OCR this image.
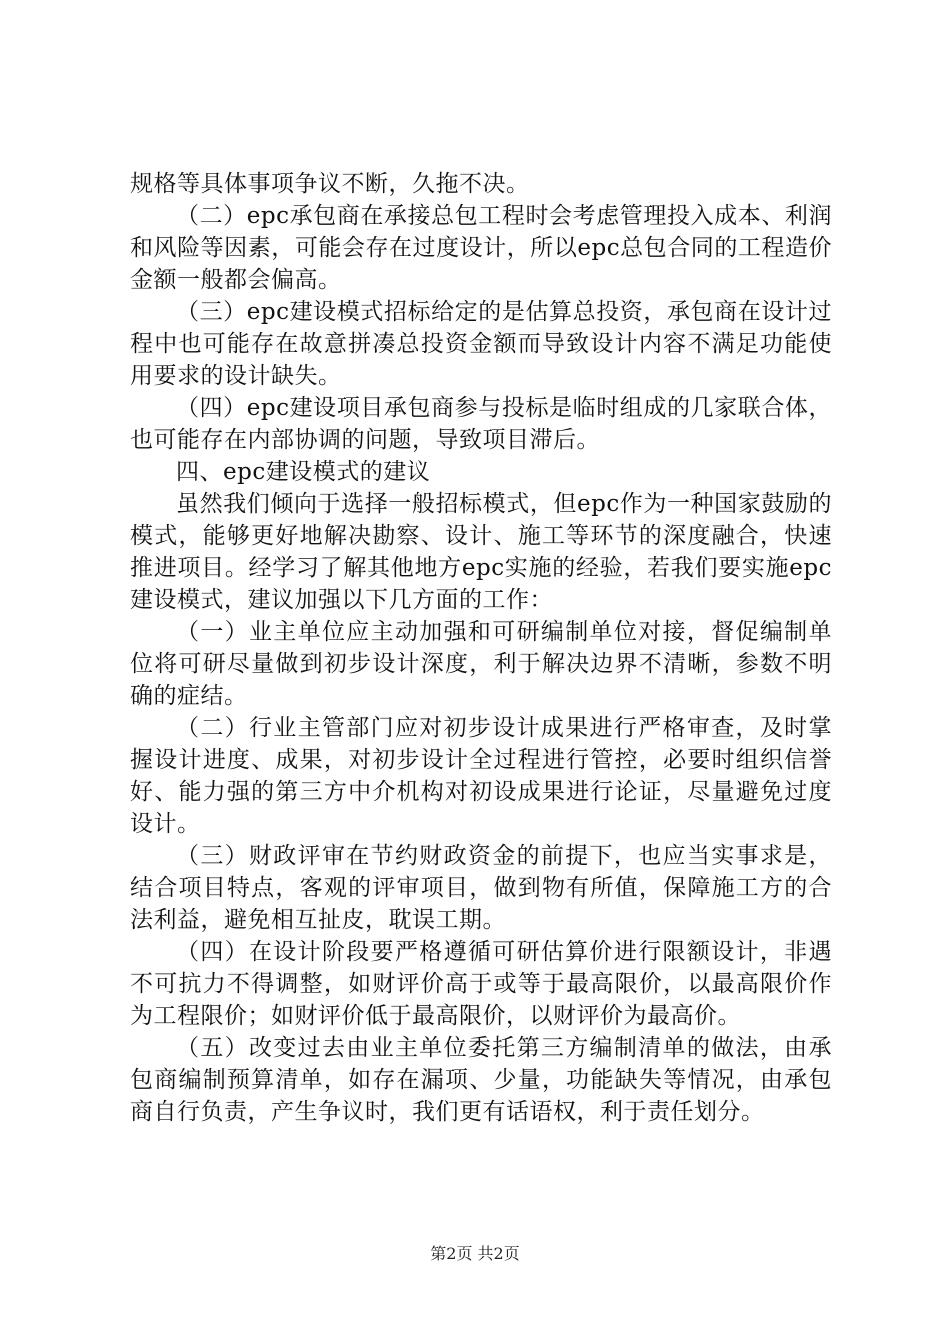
规格等具体事项争议不断，久拖不决。

（二）epc承包商在承接总包工程时会考虑管理投入成本、利润和风险等因素，可能会存在过度设计，所以epc总包合同的工程造价金额一般都会偏高。

（三）epc建设模式招标给定的是估算总投资，承包商在设计过程中也可能存在故意拼凑总投资金额而导致设计内容不满足功能使用要求的设计缺失。

（四）epc建设项目承包商参与投标是临时组成的几家联合体，也可能存在内部协调的问题，导致项目滞后。

四、epc建设模式的建议

虽然我们倾向于选择一般招标模式，但epc作为一种国家鼓励的模式，能够更好地解决勘察、设计、施工等环节的深度融合，快速推进项目。经学习了解其他地方epc实施的经验，若我们要实施epc建设模式，建议加强以下几方面的工作：

（一）业主单位应主动加强和可研编制单位对接，督促编制单位将可研尽量做到初步设计深度，利于解决边界不清晰，参数不明确的症结。

（二）行业主管部门应对初步设计成果进行严格审查，及时掌握设计进度、成果，对初步设计全过程进行管控，必要时组织信誉好、能力强的第三方中介机构对初设成果进行论证，尽量避免过度设计。

（三）财政评审在节约财政资金的前提下，也应当实事求是，结合项目特点，客观的评审项目，做到物有所值，保障施工方的合法利益，避免相互扯皮，耽误工期。

（四）在设计阶段要严格遵循可研估算价进行限额设计，非遇不可抗力不得调整，如财评价高于或等于最高限价，以最高限价作为工程限价；如财评价低于最高限价，以财评价为最高价。

（五）改变过去由业主单位委托第三方编制清单的做法，由承包商编制预算清单，如存在漏项、少量，功能缺失等情况，由承包商自行负责，产生争议时，我们更有话语权，利于责任划分。

第2页 共2页
